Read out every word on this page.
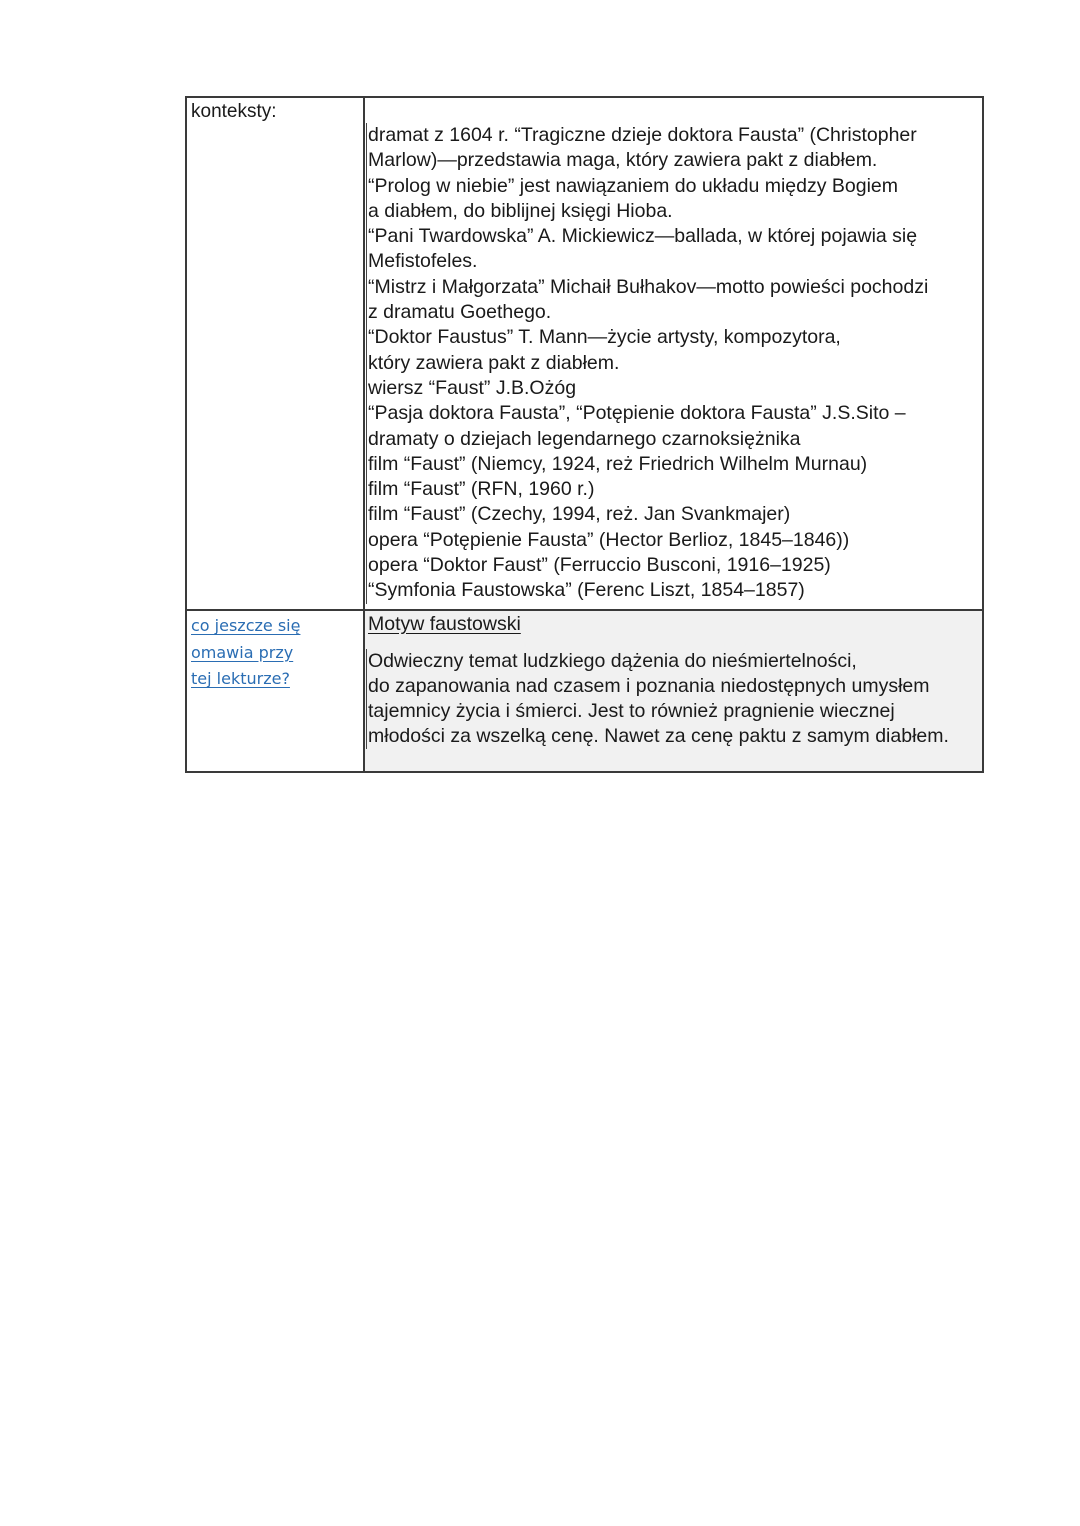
konteksty:
dramat z 1604 r. “Tragiczne dzieje doktora Fausta” (Christopher
Marlow)—przedstawia maga, który zawiera pakt z diabłem.
“Prolog w niebie” jest nawiązaniem do układu między Bogiem
a diabłem, do biblijnej księgi Hioba.
“Pani Twardowska” A. Mickiewicz—ballada, w której pojawia się
Mefistofeles.
“Mistrz i Małgorzata” Michaił Bułhakov—motto powieści pochodzi
z dramatu Goethego.
“Doktor Faustus” T. Mann—życie artysty, kompozytora,
który zawiera pakt z diabłem.
wiersz “Faust” J.B.Ożóg
“Pasja doktora Fausta”, “Potępienie doktora Fausta” J.S.Sito –
dramaty o dziejach legendarnego czarnoksiężnika
film “Faust” (Niemcy, 1924, reż Friedrich Wilhelm Murnau)
film “Faust” (RFN, 1960 r.)
film “Faust” (Czechy, 1994, reż. Jan Svankmajer)
opera “Potępienie Fausta” (Hector Berlioz, 1845–1846))
opera “Doktor Faust” (Ferruccio Busconi, 1916–1925)
“Symfonia Faustowska” (Ferenc Liszt, 1854–1857)
co jeszcze się
omawia przy
tej lekturze?
Motyw faustowski
Odwieczny temat ludzkiego dążenia do nieśmiertelności,
do zapanowania nad czasem i poznania niedostępnych umysłem
tajemnicy życia i śmierci. Jest to również pragnienie wiecznej
młodości za wszelką cenę. Nawet za cenę paktu z samym diabłem.
